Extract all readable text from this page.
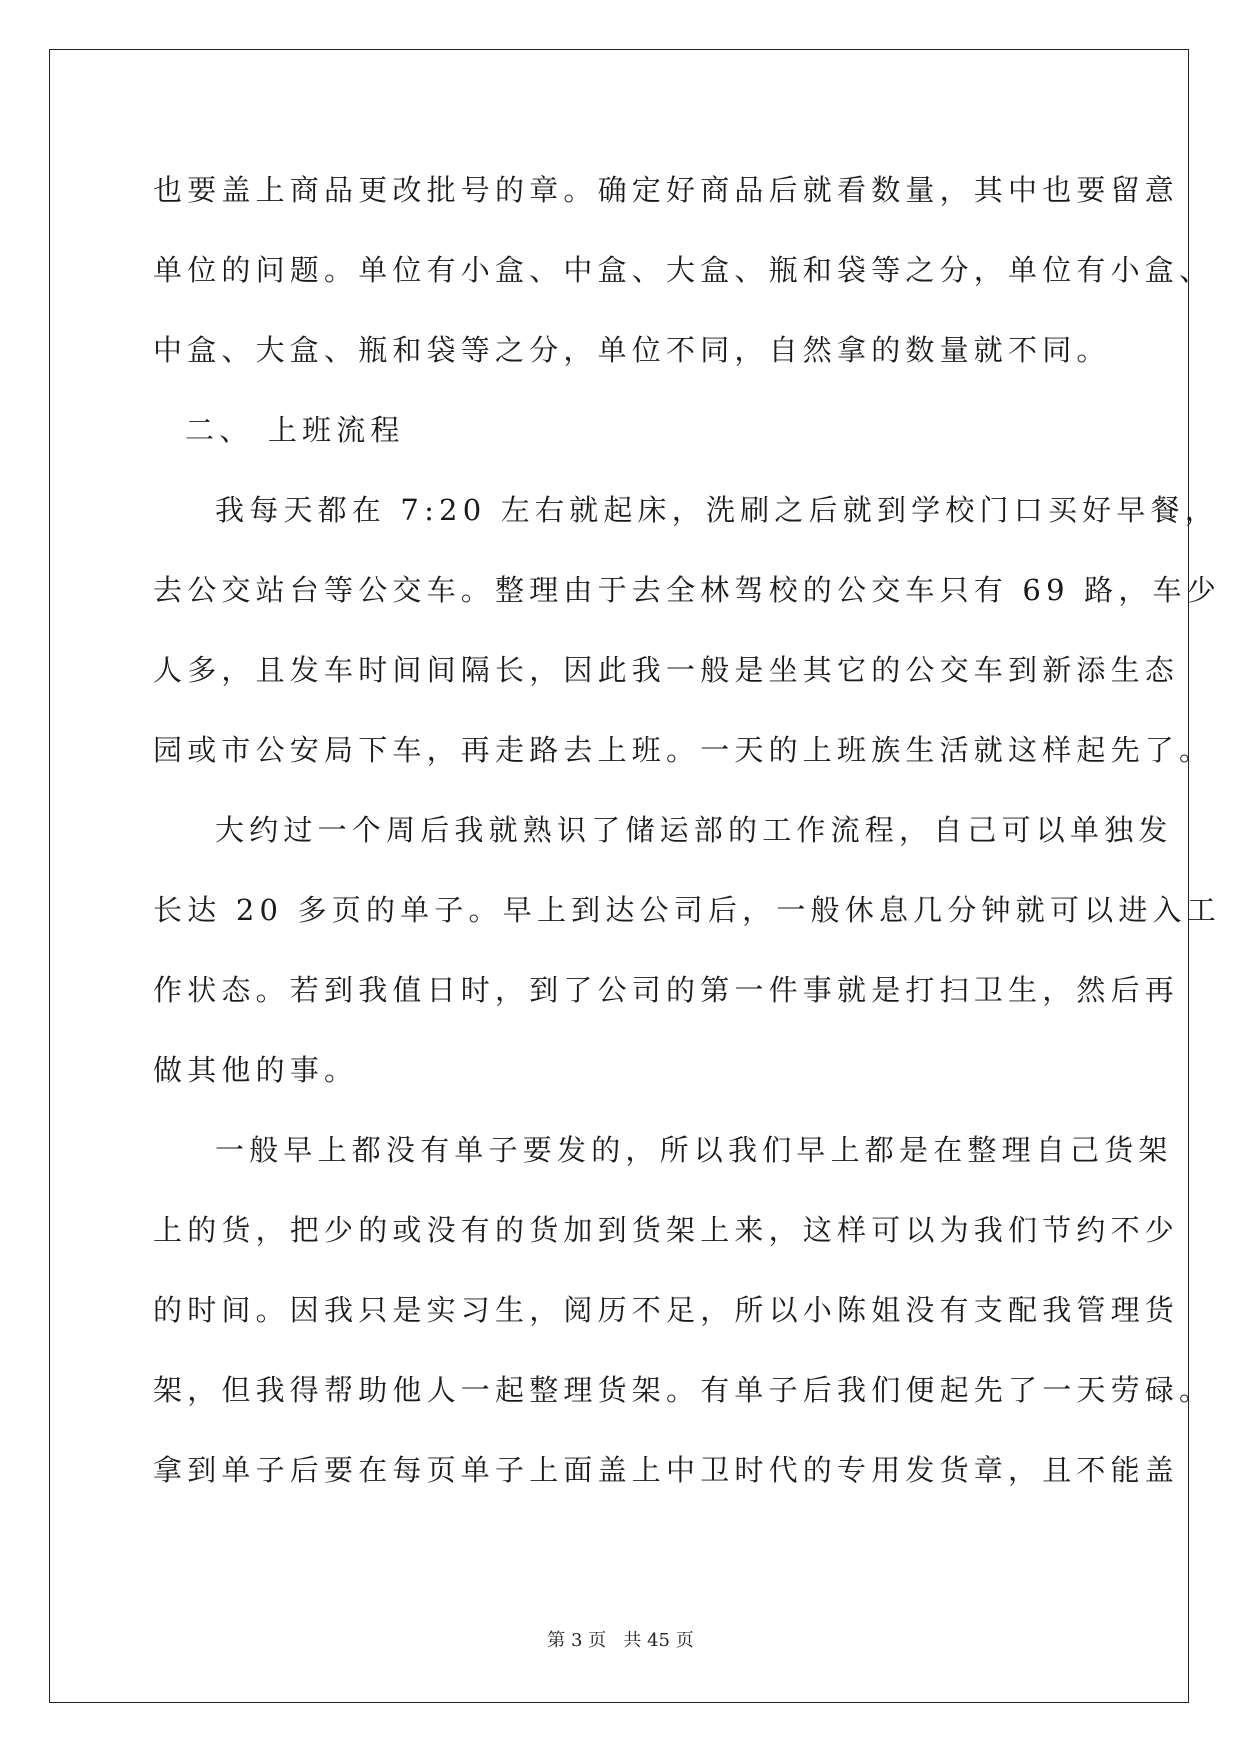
也要盖上商品更改批号的章。确定好商品后就看数量，其中也要留意

单位的问题。单位有小盒、中盒、大盒、瓶和袋等之分，单位有小盒、

中盒、大盒、瓶和袋等之分，单位不同，自然拿的数量就不同。

二、 上班流程

我每天都在 7:20 左右就起床，洗刷之后就到学校门口买好早餐，

去公交站台等公交车。整理由于去全林驾校的公交车只有 69 路，车少

人多，且发车时间间隔长，因此我一般是坐其它的公交车到新添生态

园或市公安局下车，再走路去上班。一天的上班族生活就这样起先了。

大约过一个周后我就熟识了储运部的工作流程，自己可以单独发

长达 20 多页的单子。早上到达公司后，一般休息几分钟就可以进入工

作状态。若到我值日时，到了公司的第一件事就是打扫卫生，然后再

做其他的事。

一般早上都没有单子要发的，所以我们早上都是在整理自己货架

上的货，把少的或没有的货加到货架上来，这样可以为我们节约不少

的时间。因我只是实习生，阅历不足，所以小陈姐没有支配我管理货

架，但我得帮助他人一起整理货架。有单子后我们便起先了一天劳碌。

拿到单子后要在每页单子上面盖上中卫时代的专用发货章，且不能盖

第 3 页   共 45 页
